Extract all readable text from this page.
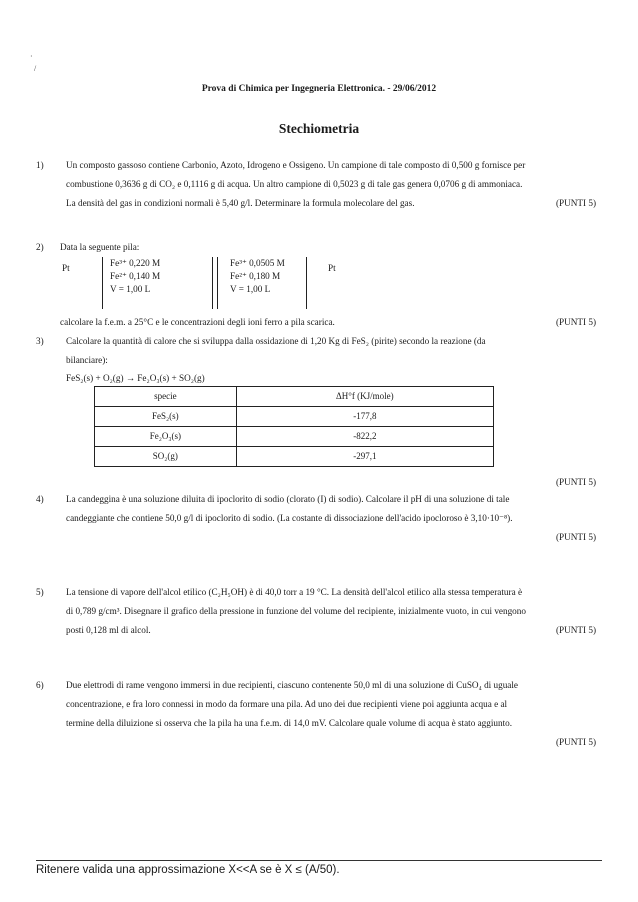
·
/
Prova di Chimica per Ingegneria Elettronica. - 29/06/2012
Stechiometria
1) Un composto gassoso contiene Carbonio, Azoto, Idrogeno e Ossigeno. Un campione di tale composto di 0,500 g fornisce per
combustione 0,3636 g di CO₂ e 0,1116 g di acqua. Un altro campione di 0,5023 g di tale gas genera 0,0706 g di ammoniaca.
(PUNTI 5)
La densità del gas in condizioni normali è 5,40 g/l. Determinare la formula molecolare del gas.
2) Data la seguente pila:
Pt	Fe³⁺ 0,220 M
Fe²⁺ 0,140 M
V = 1,00 L
Fe³⁺ 0,0505 M
Fe²⁺ 0,180 M
V = 1,00 L
Pt
(PUNTI 5)
calcolare la f.e.m. a 25°C e le concentrazioni degli ioni ferro a pila scarica.
3) Calcolare la quantità di calore che si sviluppa dalla ossidazione di 1,20 Kg di FeS₂ (pirite) secondo la reazione (da
bilanciare):
FeS₂(s) + O₂(g) → Fe₂O₃(s) + SO₂(g)
specie	ΔH°f (KJ/mole)
FeS₂(s)	-177,8
Fe₂O₃(s)	-822,2
SO₂(g)	-297,1
(PUNTI 5)
4) La candeggina è una soluzione diluita di ipoclorito di sodio (clorato (I) di sodio). Calcolare il pH di una soluzione di tale
candeggiante che contiene 50,0 g/l di ipoclorito di sodio. (La costante di dissociazione dell'acido ipocloroso è 3,10·10⁻⁸).
(PUNTI 5)
5) La tensione di vapore dell'alcol etilico (C₂H₅OH) è di 40,0 torr a 19 °C. La densità dell'alcol etilico alla stessa temperatura è
di 0,789 g/cm³. Disegnare il grafico della pressione in funzione del volume del recipiente, inizialmente vuoto, in cui vengono
(PUNTI 5)
posti 0,128 ml di alcol.
6) Due elettrodi di rame vengono immersi in due recipienti, ciascuno contenente 50,0 ml di una soluzione di CuSO₄ di uguale
concentrazione, e fra loro connessi in modo da formare una pila. Ad uno dei due recipienti viene poi aggiunta acqua e al
termine della diluizione si osserva che la pila ha una f.e.m. di 14,0 mV. Calcolare quale volume di acqua è stato aggiunto.
(PUNTI 5)
Ritenere valida una approssimazione X<<A se è X ≤ (A/50).
